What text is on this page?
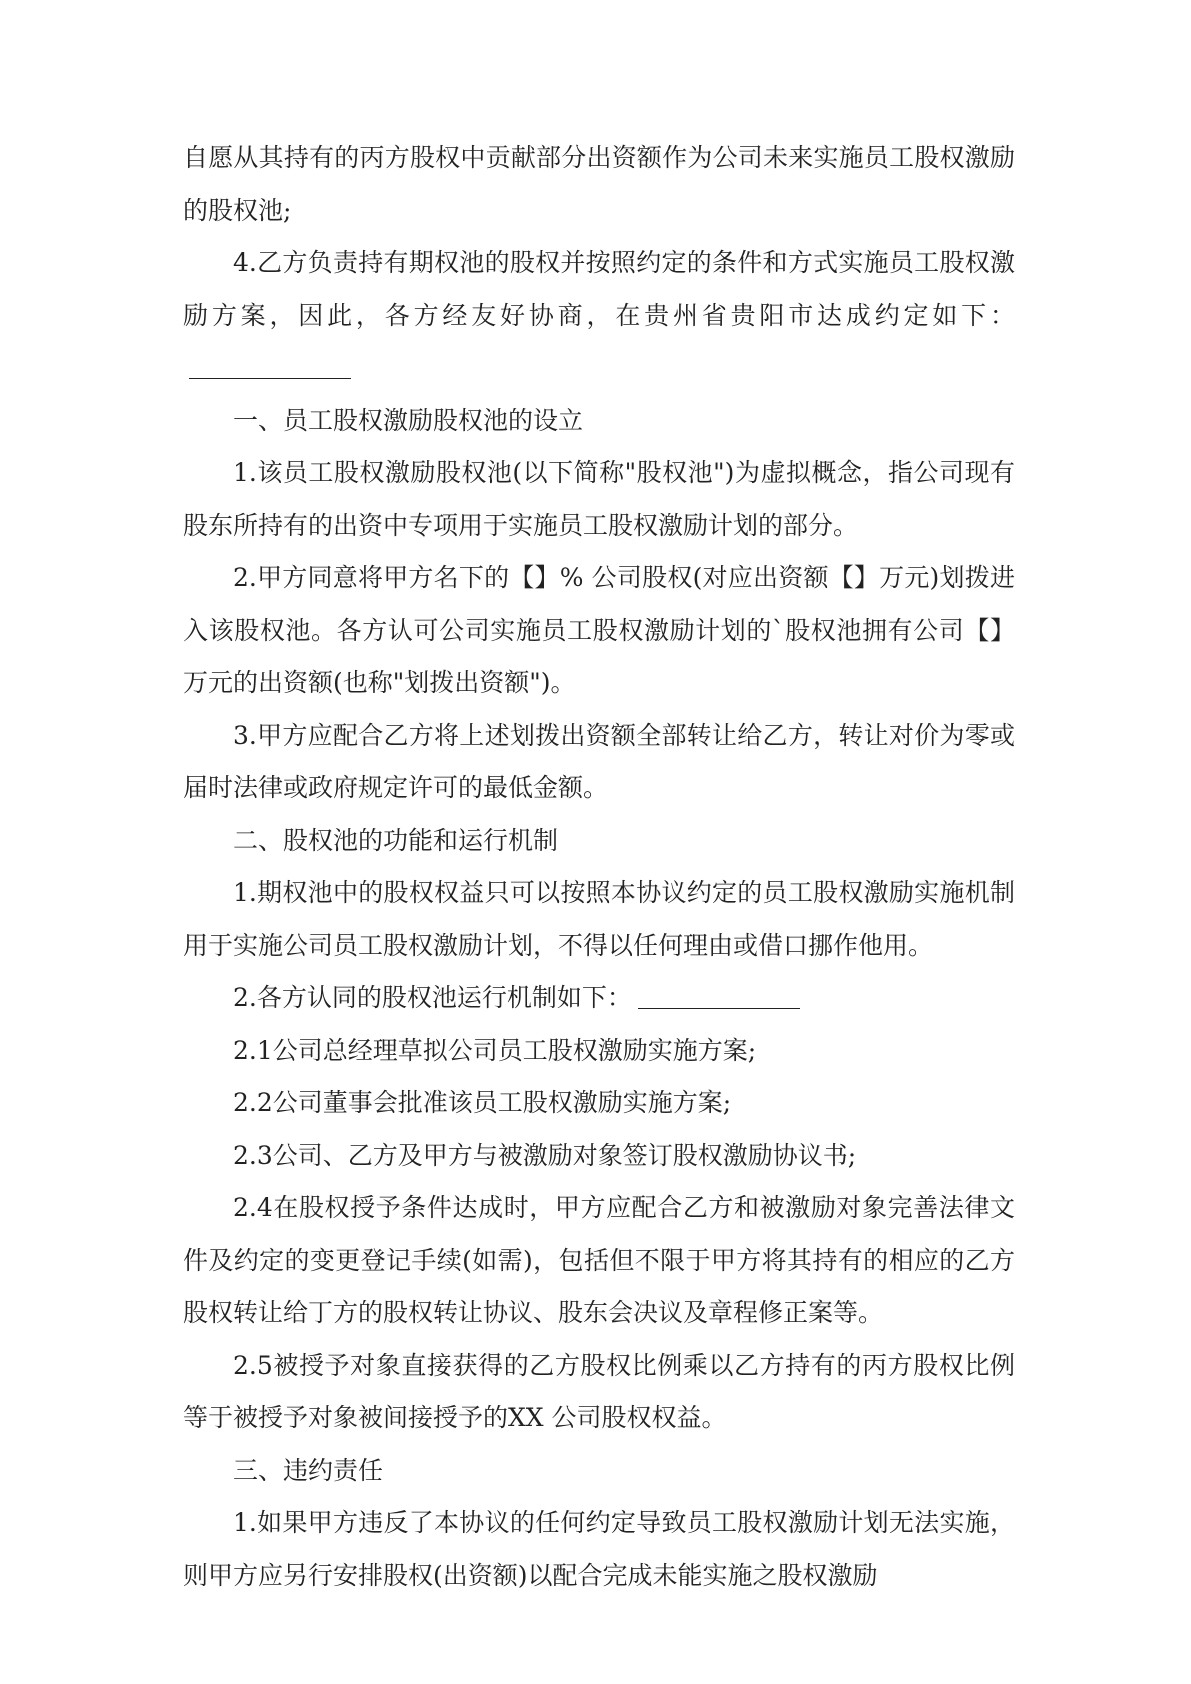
自愿从其持有的丙方股权中贡献部分出资额作为公司未来实施员工股权激励的股权池;

4.乙方负责持有期权池的股权并按照约定的条件和方式实施员工股权激励方案，因此，各方经友好协商，在贵州省贵阳市达成约定如下：

一、员工股权激励股权池的设立

1.该员工股权激励股权池(以下简称"股权池")为虚拟概念，指公司现有股东所持有的出资中专项用于实施员工股权激励计划的部分。

2.甲方同意将甲方名下的【】% 公司股权(对应出资额【】万元)划拨进入该股权池。各方认可公司实施员工股权激励计划的`股权池拥有公司【】万元的出资额(也称"划拨出资额")。

3.甲方应配合乙方将上述划拨出资额全部转让给乙方，转让对价为零或届时法律或政府规定许可的最低金额。

二、股权池的功能和运行机制

1.期权池中的股权权益只可以按照本协议约定的员工股权激励实施机制用于实施公司员工股权激励计划，不得以任何理由或借口挪作他用。

2.各方认同的股权池运行机制如下：

2.1公司总经理草拟公司员工股权激励实施方案;

2.2公司董事会批准该员工股权激励实施方案;

2.3公司、乙方及甲方与被激励对象签订股权激励协议书;

2.4在股权授予条件达成时，甲方应配合乙方和被激励对象完善法律文件及约定的变更登记手续(如需)，包括但不限于甲方将其持有的相应的乙方股权转让给丁方的股权转让协议、股东会决议及章程修正案等。

2.5被授予对象直接获得的乙方股权比例乘以乙方持有的丙方股权比例等于被授予对象被间接授予的XX 公司股权权益。

三、违约责任

1.如果甲方违反了本协议的任何约定导致员工股权激励计划无法实施，则甲方应另行安排股权(出资额)以配合完成未能实施之股权激励
